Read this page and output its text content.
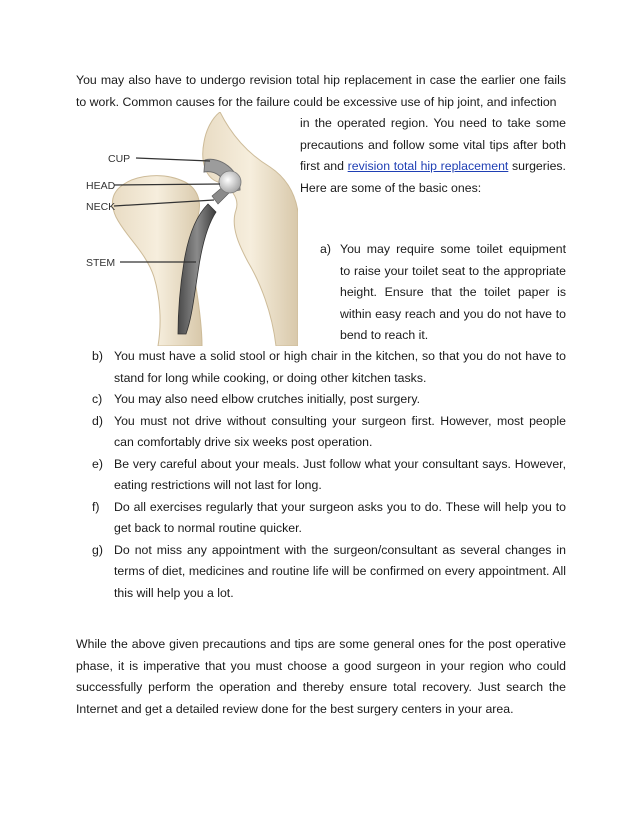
You may also have to undergo revision total hip replacement in case the earlier one fails to work. Common causes for the failure could be excessive use of hip joint, and infection

in the operated region. You need to take some precautions and follow some vital tips after both first and revision total hip replacement surgeries. Here are some of the basic ones:

CUP
HEAD
NECK
STEM
a) You may require some toilet equipment to raise your toilet seat to the appropriate height. Ensure that the toilet paper is within easy reach and you do not have to bend to reach it.
b) You must have a solid stool or high chair in the kitchen, so that you do not have to stand for long while cooking, or doing other kitchen tasks.
c) You may also need elbow crutches initially, post surgery.
d) You must not drive without consulting your surgeon first. However, most people can comfortably drive six weeks post operation.
e) Be very careful about your meals. Just follow what your consultant says. However, eating restrictions will not last for long.
f) Do all exercises regularly that your surgeon asks you to do. These will help you to get back to normal routine quicker.
g) Do not miss any appointment with the surgeon/consultant as several changes in terms of diet, medicines and routine life will be confirmed on every appointment. All this will help you a lot.

While the above given precautions and tips are some general ones for the post operative phase, it is imperative that you must choose a good surgeon in your region who could successfully perform the operation and thereby ensure total recovery. Just search the Internet and get a detailed review done for the best surgery centers in your area.
